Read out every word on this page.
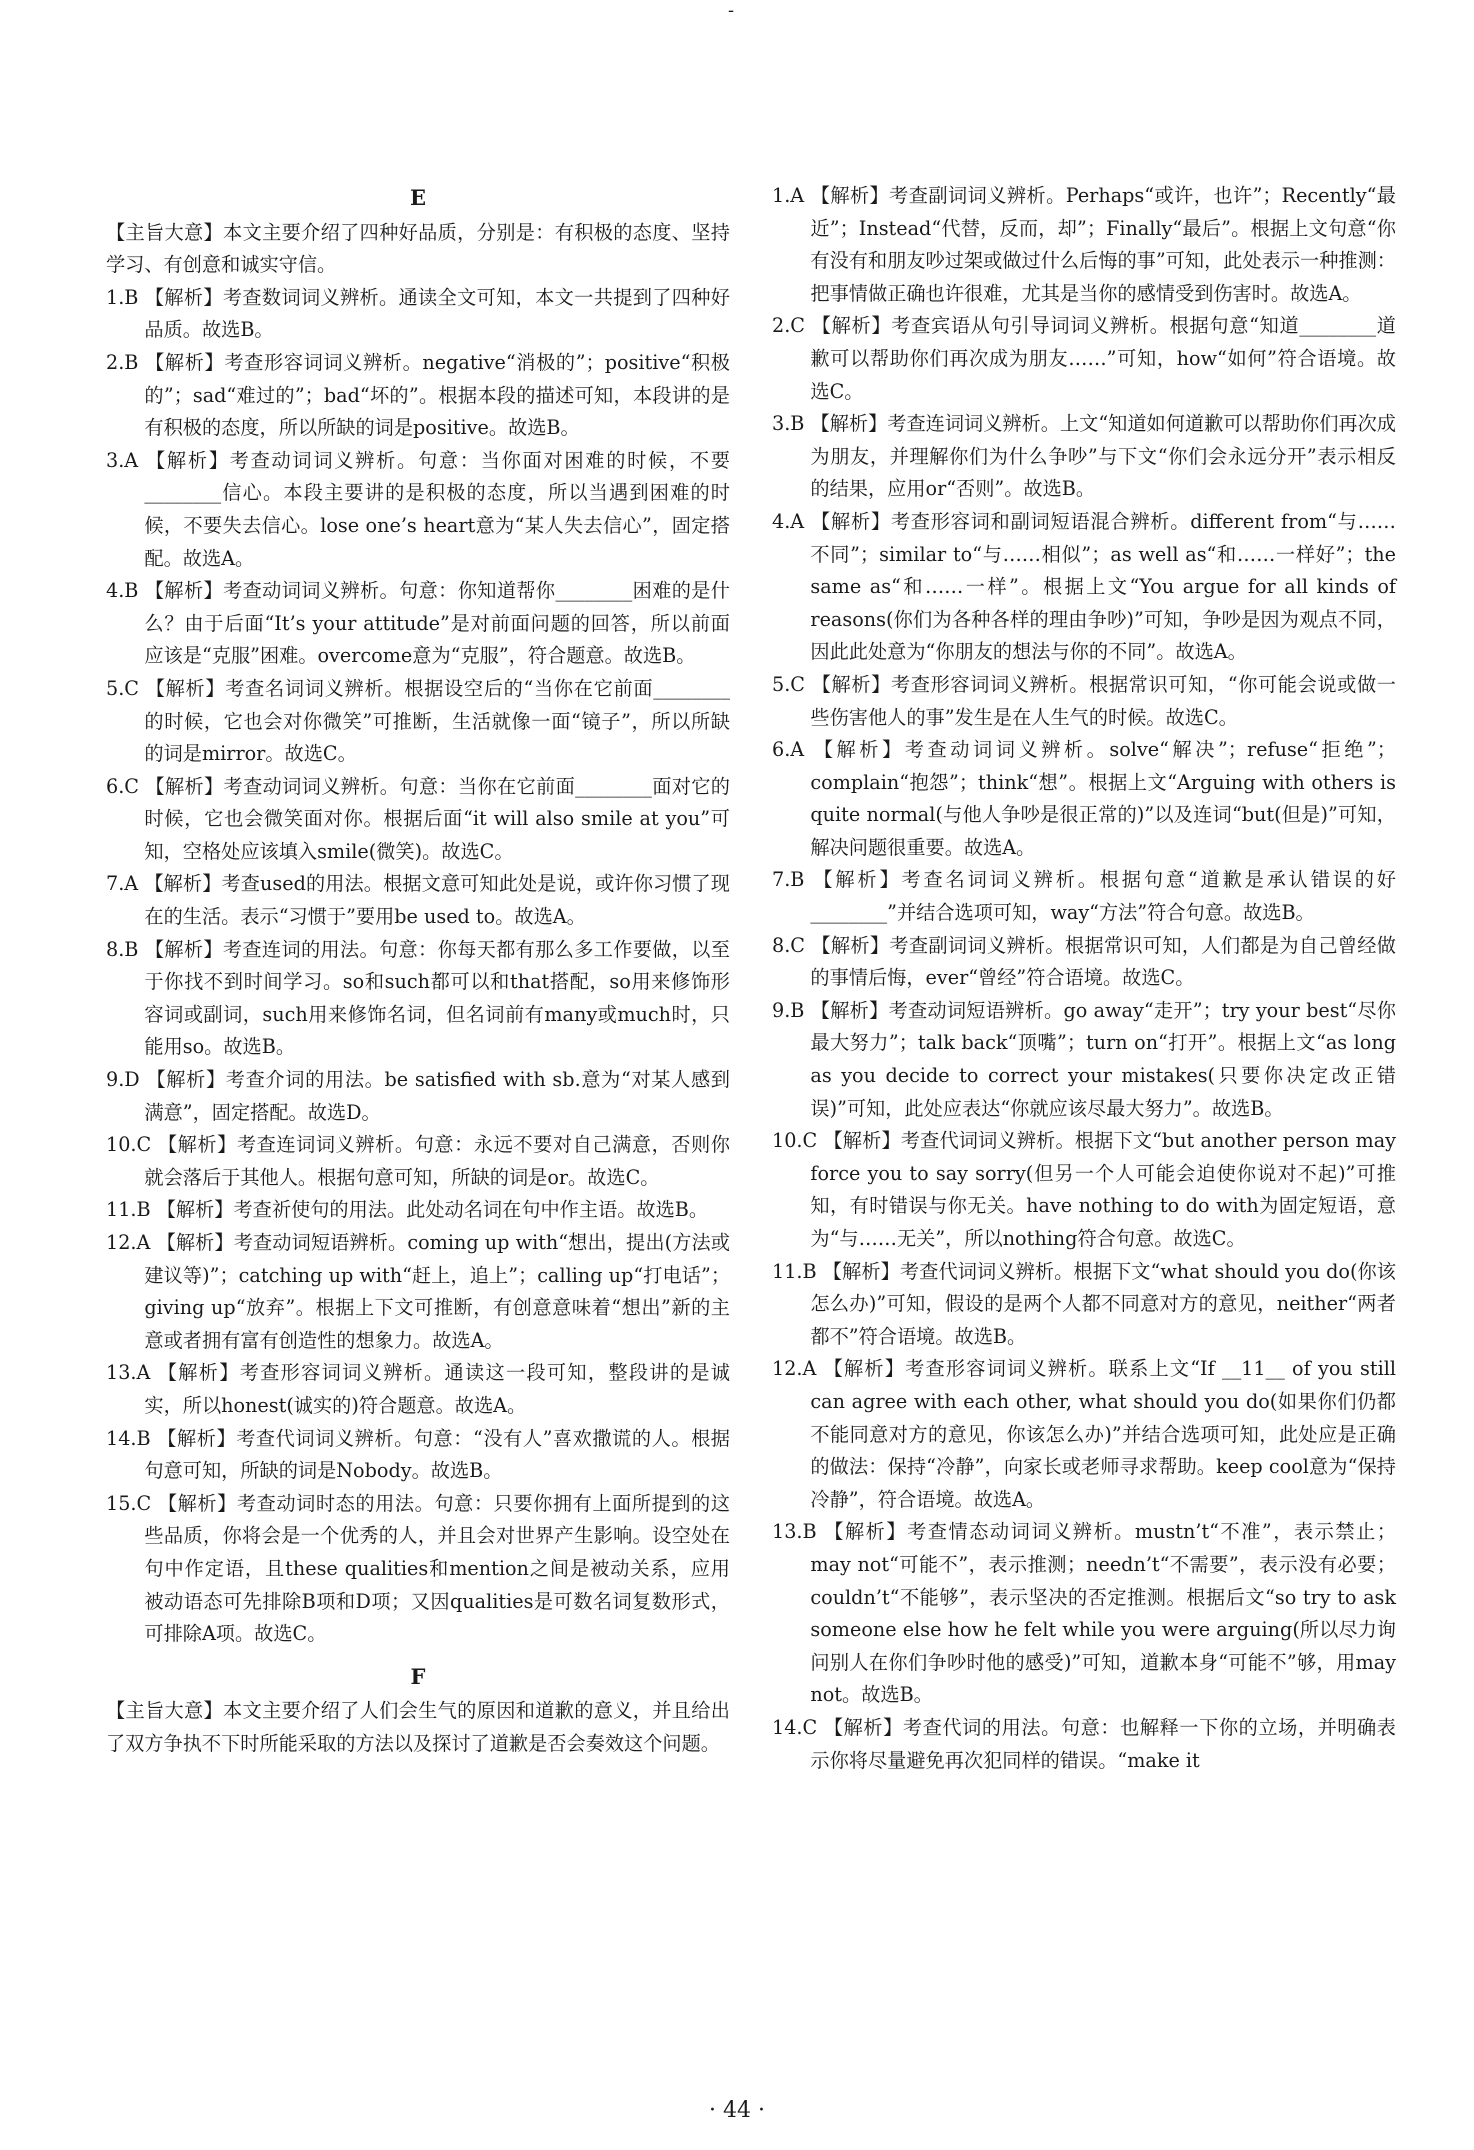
-
E

【主旨大意】本文主要介绍了四种好品质，分别是：有积极的态度、坚持学习、有创意和诚实守信。

1.B 【解析】考查数词词义辨析。通读全文可知，本文一共提到了四种好品质。故选B。

2.B 【解析】考查形容词词义辨析。negative“消极的”；positive“积极的”；sad“难过的”；bad“坏的”。根据本段的描述可知，本段讲的是有积极的态度，所以所缺的词是positive。故选B。

3.A 【解析】考查动词词义辨析。句意：当你面对困难的时候，不要________信心。本段主要讲的是积极的态度，所以当遇到困难的时候，不要失去信心。lose one’s heart意为“某人失去信心”，固定搭配。故选A。

4.B 【解析】考查动词词义辨析。句意：你知道帮你________困难的是什么？由于后面“It’s your attitude”是对前面问题的回答，所以前面应该是“克服”困难。overcome意为“克服”，符合题意。故选B。

5.C 【解析】考查名词词义辨析。根据设空后的“当你在它前面________的时候，它也会对你微笑”可推断，生活就像一面“镜子”，所以所缺的词是mirror。故选C。

6.C 【解析】考查动词词义辨析。句意：当你在它前面________面对它的时候，它也会微笑面对你。根据后面“it will also smile at you”可知，空格处应该填入smile(微笑)。故选C。

7.A 【解析】考查used的用法。根据文意可知此处是说，或许你习惯了现在的生活。表示“习惯于”要用be used to。故选A。

8.B 【解析】考查连词的用法。句意：你每天都有那么多工作要做，以至于你找不到时间学习。so和such都可以和that搭配，so用来修饰形容词或副词，such用来修饰名词，但名词前有many或much时，只能用so。故选B。

9.D 【解析】考查介词的用法。be satisfied with sb.意为“对某人感到满意”，固定搭配。故选D。

10.C 【解析】考查连词词义辨析。句意：永远不要对自己满意，否则你就会落后于其他人。根据句意可知，所缺的词是or。故选C。

11.B 【解析】考查祈使句的用法。此处动名词在句中作主语。故选B。

12.A 【解析】考查动词短语辨析。coming up with“想出，提出(方法或建议等)”；catching up with“赶上，追上”；calling up“打电话”；giving up“放弃”。根据上下文可推断，有创意意味着“想出”新的主意或者拥有富有创造性的想象力。故选A。

13.A 【解析】考查形容词词义辨析。通读这一段可知，整段讲的是诚实，所以honest(诚实的)符合题意。故选A。

14.B 【解析】考查代词词义辨析。句意：“没有人”喜欢撒谎的人。根据句意可知，所缺的词是Nobody。故选B。

15.C 【解析】考查动词时态的用法。句意：只要你拥有上面所提到的这些品质，你将会是一个优秀的人，并且会对世界产生影响。设空处在句中作定语，且these qualities和mention之间是被动关系，应用被动语态可先排除B项和D项；又因qualities是可数名词复数形式，可排除A项。故选C。

F

【主旨大意】本文主要介绍了人们会生气的原因和道歉的意义，并且给出了双方争执不下时所能采取的方法以及探讨了道歉是否会奏效这个问题。

1.A 【解析】考查副词词义辨析。Perhaps“或许，也许”；Recently“最近”；Instead“代替，反而，却”；Finally“最后”。根据上文句意“你有没有和朋友吵过架或做过什么后悔的事”可知，此处表示一种推测：把事情做正确也许很难，尤其是当你的感情受到伤害时。故选A。

2.C 【解析】考查宾语从句引导词词义辨析。根据句意“知道________道歉可以帮助你们再次成为朋友……”可知，how“如何”符合语境。故选C。

3.B 【解析】考查连词词义辨析。上文“知道如何道歉可以帮助你们再次成为朋友，并理解你们为什么争吵”与下文“你们会永远分开”表示相反的结果，应用or“否则”。故选B。

4.A 【解析】考查形容词和副词短语混合辨析。different from“与……不同”；similar to“与……相似”；as well as“和……一样好”；the same as“和……一样”。根据上文“You argue for all kinds of reasons(你们为各种各样的理由争吵)”可知，争吵是因为观点不同，因此此处意为“你朋友的想法与你的不同”。故选A。

5.C 【解析】考查形容词词义辨析。根据常识可知，“你可能会说或做一些伤害他人的事”发生是在人生气的时候。故选C。

6.A 【解析】考查动词词义辨析。solve“解决”；refuse“拒绝”；complain“抱怨”；think“想”。根据上文“Arguing with others is quite normal(与他人争吵是很正常的)”以及连词“but(但是)”可知，解决问题很重要。故选A。

7.B 【解析】考查名词词义辨析。根据句意“道歉是承认错误的好________”并结合选项可知，way“方法”符合句意。故选B。

8.C 【解析】考查副词词义辨析。根据常识可知，人们都是为自己曾经做的事情后悔，ever“曾经”符合语境。故选C。

9.B 【解析】考查动词短语辨析。go away“走开”；try your best“尽你最大努力”；talk back“顶嘴”；turn on“打开”。根据上文“as long as you decide to correct your mistakes(只要你决定改正错误)”可知，此处应表达“你就应该尽最大努力”。故选B。

10.C 【解析】考查代词词义辨析。根据下文“but another person may force you to say sorry(但另一个人可能会迫使你说对不起)”可推知，有时错误与你无关。have nothing to do with为固定短语，意为“与……无关”，所以nothing符合句意。故选C。

11.B 【解析】考查代词词义辨析。根据下文“what should you do(你该怎么办)”可知，假设的是两个人都不同意对方的意见，neither“两者都不”符合语境。故选B。

12.A 【解析】考查形容词词义辨析。联系上文“If __11__ of you still can agree with each other, what should you do(如果你们仍都不能同意对方的意见，你该怎么办)”并结合选项可知，此处应是正确的做法：保持“冷静”，向家长或老师寻求帮助。keep cool意为“保持冷静”，符合语境。故选A。

13.B 【解析】考查情态动词词义辨析。mustn’t“不准”，表示禁止；may not“可能不”，表示推测；needn’t“不需要”，表示没有必要；couldn’t“不能够”，表示坚决的否定推测。根据后文“so try to ask someone else how he felt while you were arguing(所以尽力询问别人在你们争吵时他的感受)”可知，道歉本身“可能不”够，用may not。故选B。

14.C 【解析】考查代词的用法。句意：也解释一下你的立场，并明确表示你将尽量避免再次犯同样的错误。“make it

· 44 ·
